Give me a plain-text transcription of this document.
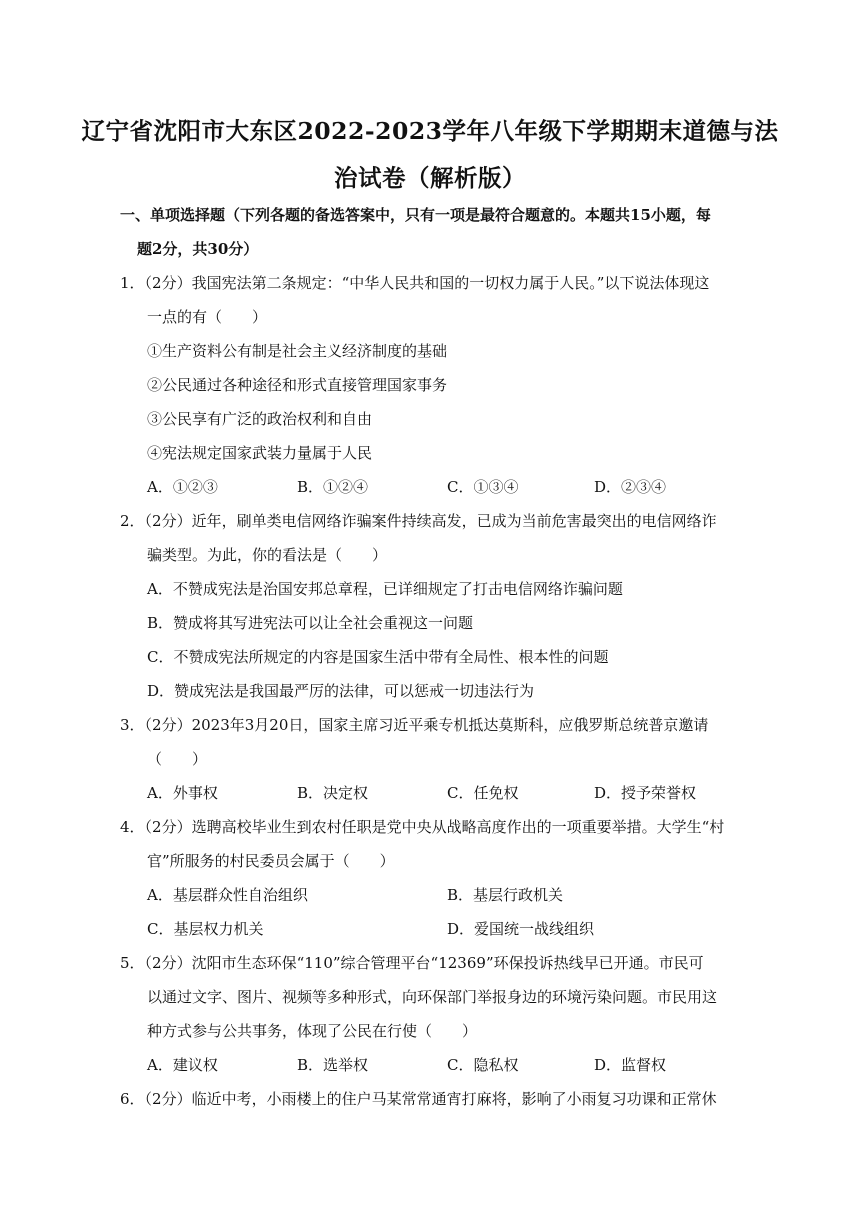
辽宁省沈阳市大东区2022-2023学年八年级下学期期末道德与法
治试卷（解析版）
一、单项选择题（下列各题的备选答案中，只有一项是最符合题意的。本题共15小题，每
题2分，共30分）
1．（2分）我国宪法第二条规定：“中华人民共和国的一切权力属于人民。”以下说法体现这
一点的有（　　）
①生产资料公有制是社会主义经济制度的基础
②公民通过各种途径和形式直接管理国家事务
③公民享有广泛的政治权利和自由
④宪法规定国家武装力量属于人民
A．①②③	B．①②④	C．①③④	D．②③④
2．（2分）近年，刷单类电信网络诈骗案件持续高发，已成为当前危害最突出的电信网络诈
骗类型。为此，你的看法是（　　）
A．不赞成宪法是治国安邦总章程，已详细规定了打击电信网络诈骗问题
B．赞成将其写进宪法可以让全社会重视这一问题
C．不赞成宪法所规定的内容是国家生活中带有全局性、根本性的问题
D．赞成宪法是我国最严厉的法律，可以惩戒一切违法行为
3．（2分）2023年3月20日，国家主席习近平乘专机抵达莫斯科，应俄罗斯总统普京邀请
（　　）
A．外事权	B．决定权	C．任免权	D．授予荣誉权
4．（2分）选聘高校毕业生到农村任职是党中央从战略高度作出的一项重要举措。大学生“村
官”所服务的村民委员会属于（　　）
A．基层群众性自治组织	B．基层行政机关
C．基层权力机关	D．爱国统一战线组织
5．（2分）沈阳市生态环保“110”综合管理平台“12369”环保投诉热线早已开通。市民可
以通过文字、图片、视频等多种形式，向环保部门举报身边的环境污染问题。市民用这
种方式参与公共事务，体现了公民在行使（　　）
A．建议权	B．选举权	C．隐私权	D．监督权
6．（2分）临近中考，小雨楼上的住户马某常常通宵打麻将，影响了小雨复习功课和正常休
